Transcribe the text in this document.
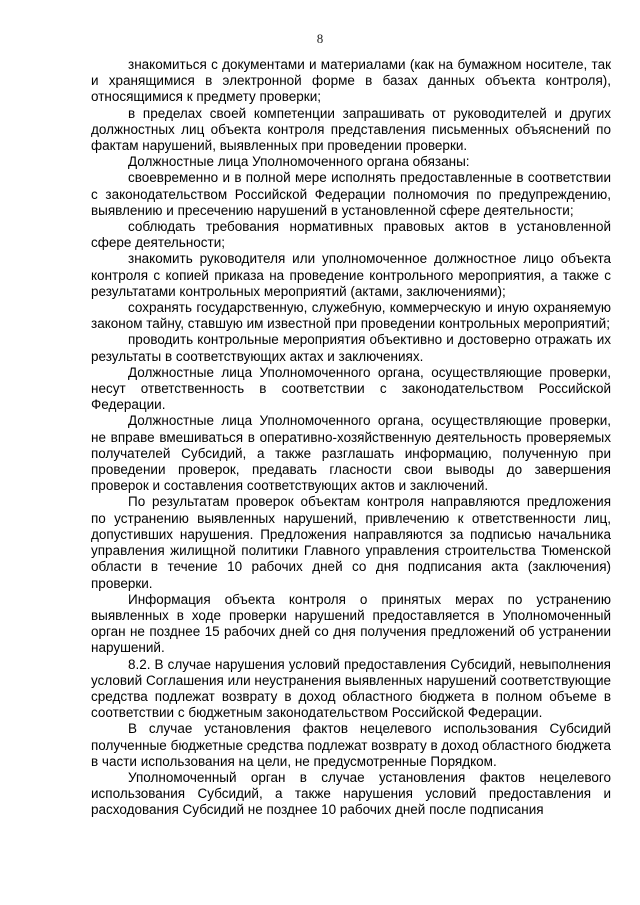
8

знакомиться с документами и материалами (как на бумажном носителе, так и хранящимися в электронной форме в базах данных объекта контроля), относящимися к предмету проверки;

в пределах своей компетенции запрашивать от руководителей и других должностных лиц объекта контроля представления письменных объяснений по фактам нарушений, выявленных при проведении проверки.

Должностные лица Уполномоченного органа обязаны:

своевременно и в полной мере исполнять предоставленные в соответствии с законодательством Российской Федерации полномочия по предупреждению, выявлению и пресечению нарушений в установленной сфере деятельности;

соблюдать требования нормативных правовых актов в установленной сфере деятельности;

знакомить руководителя или уполномоченное должностное лицо объекта контроля с копией приказа на проведение контрольного мероприятия, а также с результатами контрольных мероприятий (актами, заключениями);

сохранять государственную, служебную, коммерческую и иную охраняемую законом тайну, ставшую им известной при проведении контрольных мероприятий;

проводить контрольные мероприятия объективно и достоверно отражать их результаты в соответствующих актах и заключениях.

Должностные лица Уполномоченного органа, осуществляющие проверки, несут ответственность в соответствии с законодательством Российской Федерации.

Должностные лица Уполномоченного органа, осуществляющие проверки, не вправе вмешиваться в оперативно-хозяйственную деятельность проверяемых получателей Субсидий, а также разглашать информацию, полученную при проведении проверок, предавать гласности свои выводы до завершения проверок и составления соответствующих актов и заключений.

По результатам проверок объектам контроля направляются предложения по устранению выявленных нарушений, привлечению к ответственности лиц, допустивших нарушения. Предложения направляются за подписью начальника управления жилищной политики Главного управления строительства Тюменской области в течение 10 рабочих дней со дня подписания акта (заключения) проверки.

Информация объекта контроля о принятых мерах по устранению выявленных в ходе проверки нарушений предоставляется в Уполномоченный орган не позднее 15 рабочих дней со дня получения предложений об устранении нарушений.

8.2. В случае нарушения условий предоставления Субсидий, невыполнения условий Соглашения или неустранения выявленных нарушений соответствующие средства подлежат возврату в доход областного бюджета в полном объеме в соответствии с бюджетным законодательством Российской Федерации.

В случае установления фактов нецелевого использования Субсидий полученные бюджетные средства подлежат возврату в доход областного бюджета в части использования на цели, не предусмотренные Порядком.

Уполномоченный орган в случае установления фактов нецелевого использования Субсидий, а также нарушения условий предоставления и расходования Субсидий не позднее 10 рабочих дней после подписания
